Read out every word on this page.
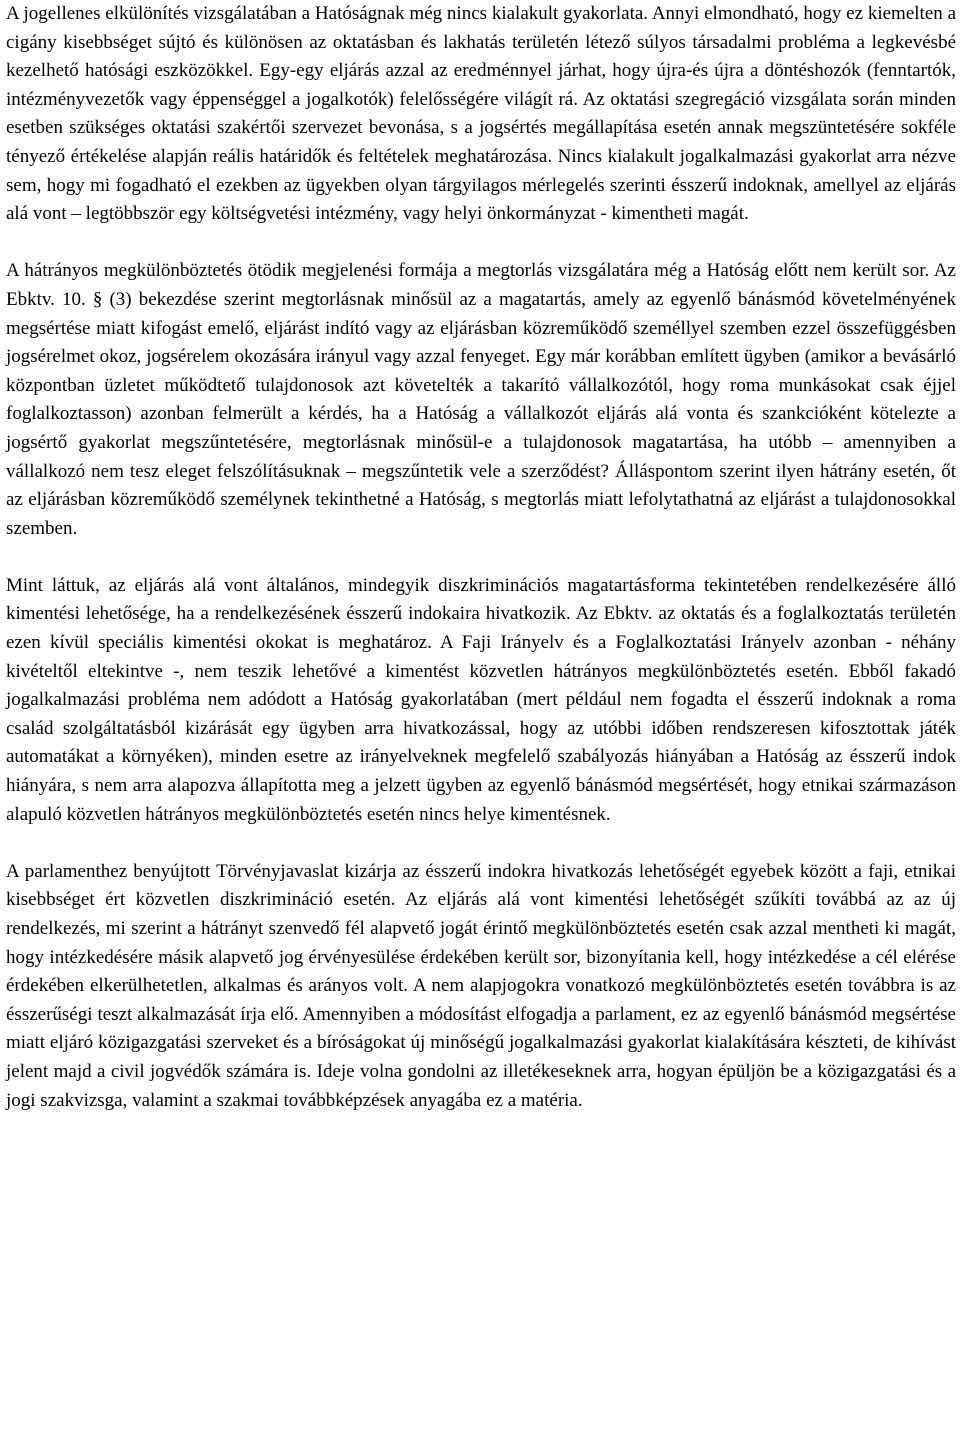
A jogellenes elkülönítés vizsgálatában a Hatóságnak még nincs kialakult gyakorlata. Annyi elmondható, hogy ez kiemelten a cigány kisebbséget sújtó és különösen az oktatásban és lakhatás területén létező súlyos társadalmi probléma a legkevésbé kezelhető hatósági eszközökkel. Egy-egy eljárás azzal az eredménnyel járhat, hogy újra-és újra a döntéshozók (fenntartók, intézményvezetők vagy éppenséggel a jogalkotók) felelősségére világít rá. Az oktatási szegregáció vizsgálata során minden esetben szükséges oktatási szakértői szervezet bevonása, s a jogsértés megállapítása esetén annak megszüntetésére sokféle tényező értékelése alapján reális határidők és feltételek meghatározása. Nincs kialakult jogalkalmazási gyakorlat arra nézve sem, hogy mi fogadható el ezekben az ügyekben olyan tárgyilagos mérlegelés szerinti ésszerű indoknak, amellyel az eljárás alá vont – legtöbbször egy költségvetési intézmény, vagy helyi önkormányzat - kimentheti magát.

A hátrányos megkülönböztetés ötödik megjelenési formája a megtorlás vizsgálatára még a Hatóság előtt nem került sor. Az Ebktv. 10. § (3) bekezdése szerint megtorlásnak minősül az a magatartás, amely az egyenlő bánásmód követelményének megsértése miatt kifogást emelő, eljárást indító vagy az eljárásban közreműködő személlyel szemben ezzel összefüggésben jogsérelmet okoz, jogsérelem okozására irányul vagy azzal fenyeget. Egy már korábban említett ügyben (amikor a bevásárló központban üzletet működtető tulajdonosok azt követelték a takarító vállalkozótól, hogy roma munkásokat csak éjjel foglalkoztasson) azonban felmerült a kérdés, ha a Hatóság a vállalkozót eljárás alá vonta és szankcióként kötelezte a jogsértő gyakorlat megszűntetésére, megtorlásnak minősül-e a tulajdonosok magatartása, ha utóbb – amennyiben a vállalkozó nem tesz eleget felszólításuknak – megszűntetik vele a szerződést? Álláspontom szerint ilyen hátrány esetén, őt az eljárásban közreműködő személynek tekinthetné a Hatóság, s megtorlás miatt lefolytathatná az eljárást a tulajdonosokkal szemben.

Mint láttuk, az eljárás alá vont általános, mindegyik diszkriminációs magatartásforma tekintetében rendelkezésére álló kimentési lehetősége, ha a rendelkezésének ésszerű indokaira hivatkozik. Az Ebktv. az oktatás és a foglalkoztatás területén ezen kívül speciális kimentési okokat is meghatároz. A Faji Irányelv és a Foglalkoztatási Irányelv azonban - néhány kivételtől eltekintve -, nem teszik lehetővé a kimentést közvetlen hátrányos megkülönböztetés esetén. Ebből fakadó jogalkalmazási probléma nem adódott a Hatóság gyakorlatában (mert például nem fogadta el ésszerű indoknak a roma család szolgáltatásból kizárását egy ügyben arra hivatkozással, hogy az utóbbi időben rendszeresen kifosztottak játék automatákat a környéken), minden esetre az irányelveknek megfelelő szabályozás hiányában a Hatóság az ésszerű indok hiányára, s nem arra alapozva állapította meg a jelzett ügyben az egyenlő bánásmód megsértését, hogy etnikai származáson alapuló közvetlen hátrányos megkülönböztetés esetén nincs helye kimentésnek.

A parlamenthez benyújtott Törvényjavaslat kizárja az ésszerű indokra hivatkozás lehetőségét egyebek között a faji, etnikai kisebbséget ért közvetlen diszkrimináció esetén. Az eljárás alá vont kimentési lehetőségét szűkíti továbbá az az új rendelkezés, mi szerint a hátrányt szenvedő fél alapvető jogát érintő megkülönböztetés esetén csak azzal mentheti ki magát, hogy intézkedésére másik alapvető jog érvényesülése érdekében került sor, bizonyítania kell, hogy intézkedése a cél elérése érdekében elkerülhetetlen, alkalmas és arányos volt. A nem alapjogokra vonatkozó megkülönböztetés esetén továbbra is az ésszerűségi teszt alkalmazását írja elő. Amennyiben a módosítást elfogadja a parlament, ez az egyenlő bánásmód megsértése miatt eljáró közigazgatási szerveket és a bíróságokat új minőségű jogalkalmazási gyakorlat kialakítására készteti, de kihívást jelent majd a civil jogvédők számára is. Ideje volna gondolni az illetékeseknek arra, hogyan épüljön be a közigazgatási és a jogi szakvizsga, valamint a szakmai továbbképzések anyagába ez a matéria.
